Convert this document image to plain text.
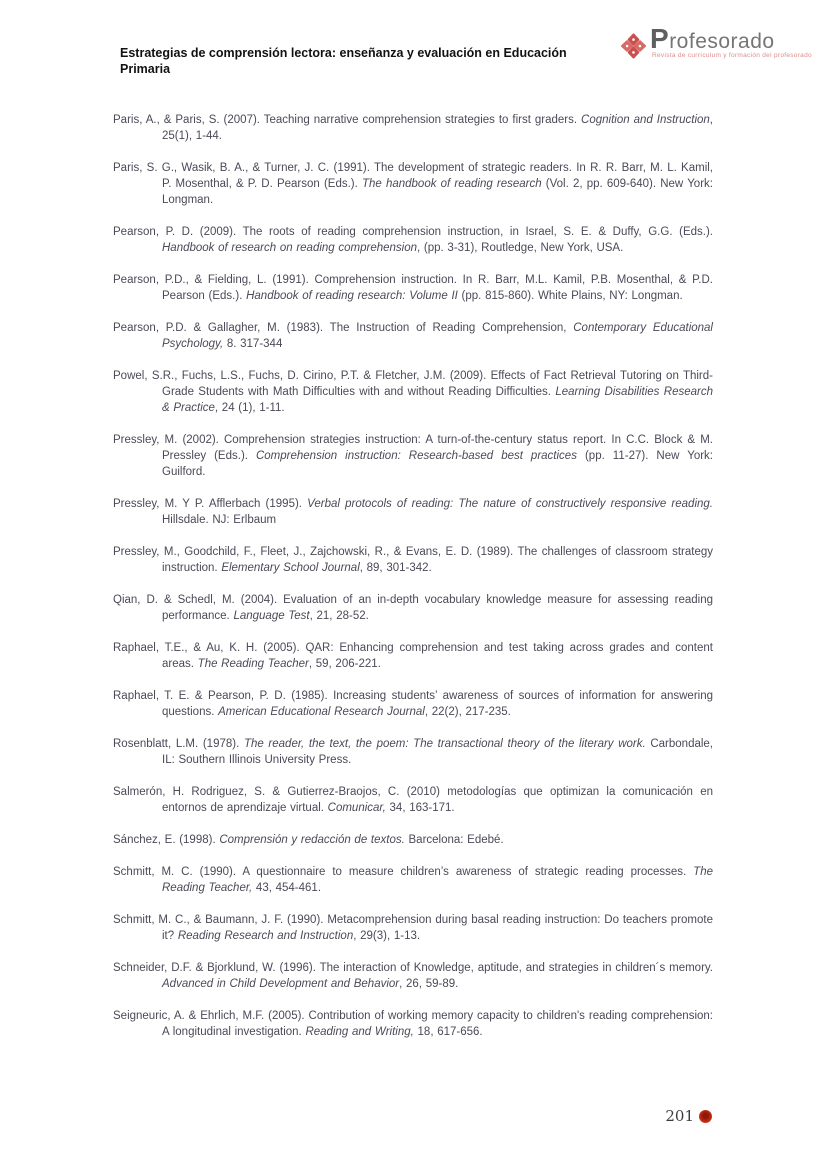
Estrategias de comprensión lectora: enseñanza y evaluación en Educación Primaria
Profesorado
Revista de currículum y formación del profesorado

Paris, A., & Paris, S. (2007). Teaching narrative comprehension strategies to first graders. Cognition and Instruction, 25(1), 1-44.

Paris, S. G., Wasik, B. A., & Turner, J. C. (1991). The development of strategic readers. In R. R. Barr, M. L. Kamil, P. Mosenthal, & P. D. Pearson (Eds.). The handbook of reading research (Vol. 2, pp. 609-640). New York: Longman.

Pearson, P. D. (2009). The roots of reading comprehension instruction, in Israel, S. E. & Duffy, G.G. (Eds.). Handbook of research on reading comprehension, (pp. 3-31), Routledge, New York, USA.

Pearson, P.D., & Fielding, L. (1991). Comprehension instruction. In R. Barr, M.L. Kamil, P.B. Mosenthal, & P.D. Pearson (Eds.). Handbook of reading research: Volume II (pp. 815-860). White Plains, NY: Longman.

Pearson, P.D. & Gallagher, M. (1983). The Instruction of Reading Comprehension, Contemporary Educational Psychology, 8. 317-344

Powel, S.R., Fuchs, L.S., Fuchs, D. Cirino, P.T. & Fletcher, J.M. (2009). Effects of Fact Retrieval Tutoring on Third-Grade Students with Math Difficulties with and without Reading Difficulties. Learning Disabilities Research & Practice, 24 (1), 1-11.

Pressley, M. (2002). Comprehension strategies instruction: A turn-of-the-century status report. In C.C. Block & M. Pressley (Eds.). Comprehension instruction: Research-based best practices (pp. 11-27). New York: Guilford.

Pressley, M. Y P. Afflerbach (1995). Verbal protocols of reading: The nature of constructively responsive reading. Hillsdale. NJ: Erlbaum

Pressley, M., Goodchild, F., Fleet, J., Zajchowski, R., & Evans, E. D. (1989). The challenges of classroom strategy instruction. Elementary School Journal, 89, 301-342.

Qian, D. & Schedl, M. (2004). Evaluation of an in-depth vocabulary knowledge measure for assessing reading performance. Language Test, 21, 28-52.

Raphael, T.E., & Au, K. H. (2005). QAR: Enhancing comprehension and test taking across grades and content areas. The Reading Teacher, 59, 206-221.

Raphael, T. E. & Pearson, P. D. (1985). Increasing students’ awareness of sources of information for answering questions. American Educational Research Journal, 22(2), 217-235.

Rosenblatt, L.M. (1978). The reader, the text, the poem: The transactional theory of the literary work. Carbondale, IL: Southern Illinois University Press.

Salmerón, H. Rodriguez, S. & Gutierrez-Braojos, C. (2010) metodologías que optimizan la comunicación en entornos de aprendizaje virtual. Comunicar, 34, 163-171.

Sánchez, E. (1998). Comprensión y redacción de textos. Barcelona: Edebé.

Schmitt, M. C. (1990). A questionnaire to measure children’s awareness of strategic reading processes. The Reading Teacher, 43, 454-461.

Schmitt, M. C., & Baumann, J. F. (1990). Metacomprehension during basal reading instruction: Do teachers promote it? Reading Research and Instruction, 29(3), 1-13.

Schneider, D.F. & Bjorklund, W. (1996). The interaction of Knowledge, aptitude, and strategies in children´s memory. Advanced in Child Development and Behavior, 26, 59-89.

Seigneuric, A. & Ehrlich, M.F. (2005). Contribution of working memory capacity to children's reading comprehension: A longitudinal investigation. Reading and Writing, 18, 617-656.

201
